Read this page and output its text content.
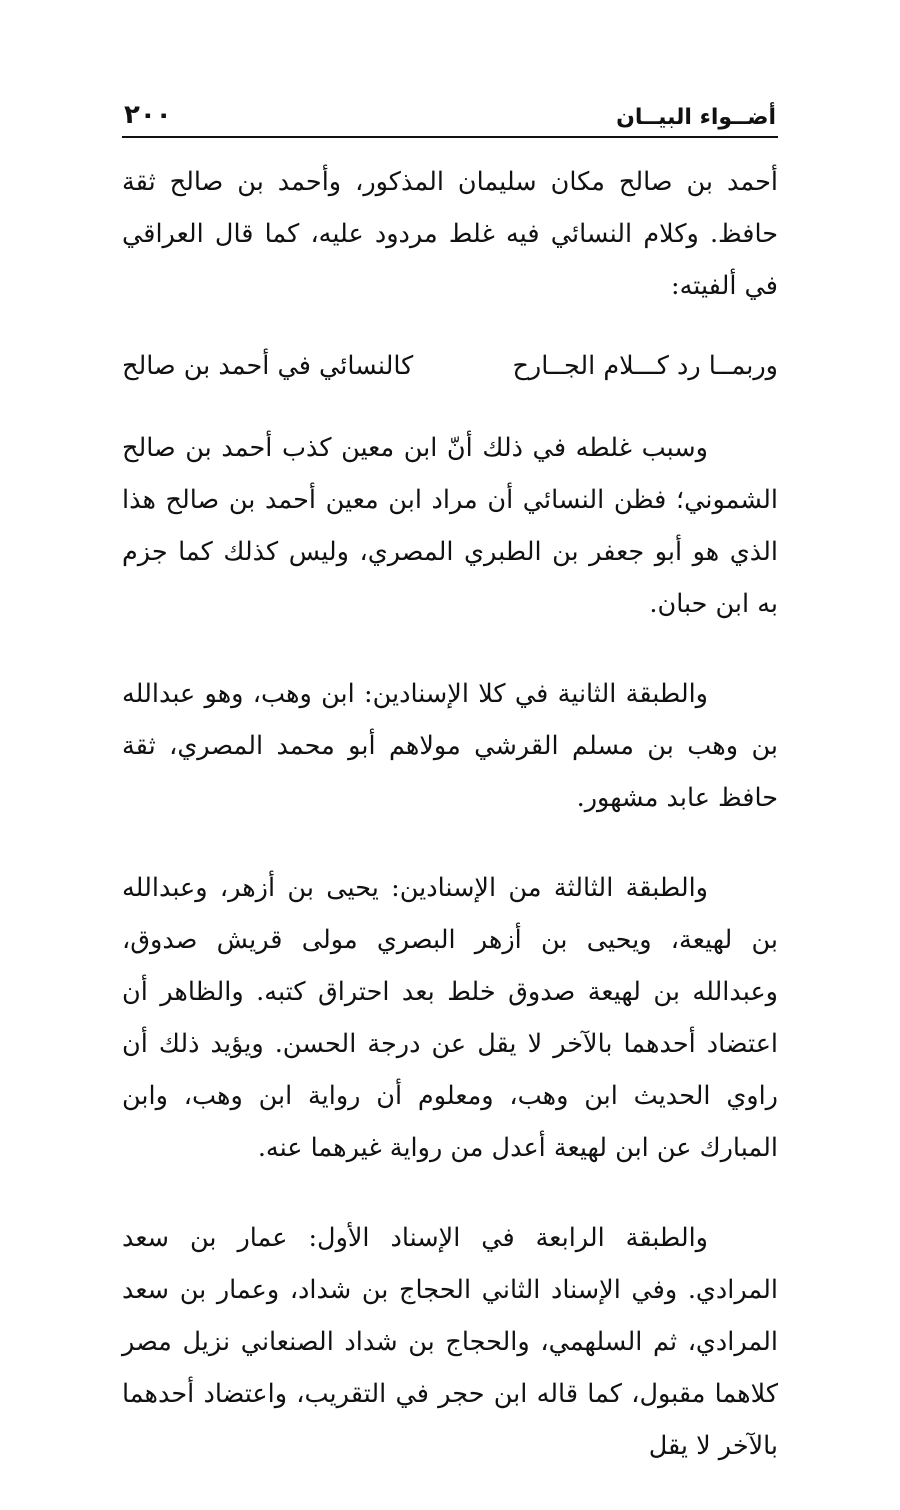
أضــواء البيــان
٢٠٠

أحمد بن صالح مكان سليمان المذكور، وأحمد بن صالح ثقة حافظ. وكلام النسائي فيه غلط مردود عليه، كما قال العراقي في ألفيته:

وربمــا رد كـــلام الجــارح
كالنسائي في أحمد بن صالح

وسبب غلطه في ذلك أنّ ابن معين كذب أحمد بن صالح الشموني؛ فظن النسائي أن مراد ابن معين أحمد بن صالح هذا الذي هو أبو جعفر بن الطبري المصري، وليس كذلك كما جزم به ابن حبان.

والطبقة الثانية في كلا الإسنادين: ابن وهب، وهو عبدالله بن وهب بن مسلم القرشي مولاهم أبو محمد المصري، ثقة حافظ عابد مشهور.

والطبقة الثالثة من الإسنادين: يحيى بن أزهر، وعبدالله بن لهيعة، ويحيى بن أزهر البصري مولى قريش صدوق، وعبدالله بن لهيعة صدوق خلط بعد احتراق كتبه. والظاهر أن اعتضاد أحدهما بالآخر لا يقل عن درجة الحسن. ويؤيد ذلك أن راوي الحديث ابن وهب، ومعلوم أن رواية ابن وهب، وابن المبارك عن ابن لهيعة أعدل من رواية غيرهما عنه.

والطبقة الرابعة في الإسناد الأول: عمار بن سعد المرادي. وفي الإسناد الثاني الحجاج بن شداد، وعمار بن سعد المرادي، ثم السلهمي، والحجاج بن شداد الصنعاني نزيل مصر كلاهما مقبول، كما قاله ابن حجر في التقريب، واعتضاد أحدهما بالآخر لا يقل
